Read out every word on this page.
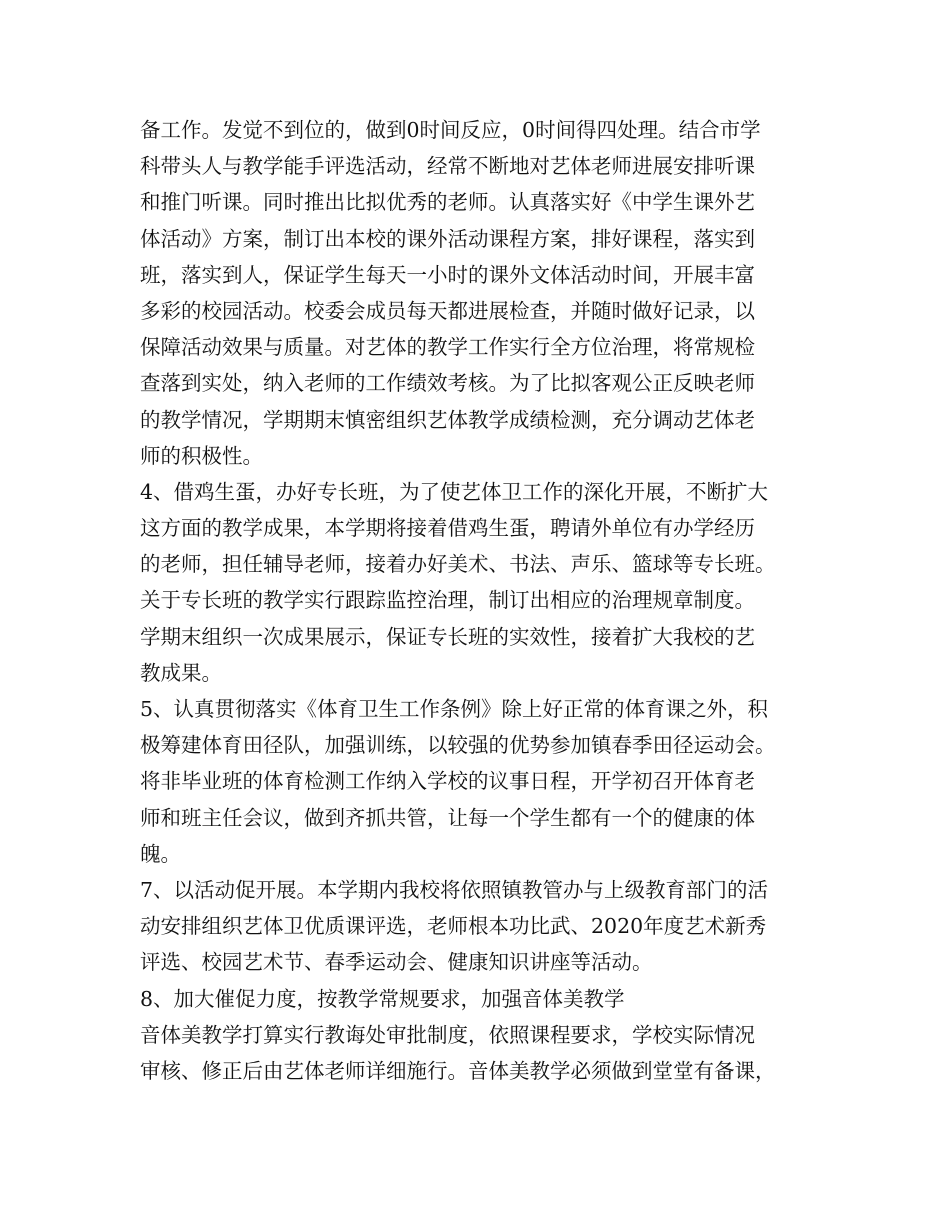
备工作。发觉不到位的，做到0时间反应，0时间得四处理。结合市学
科带头人与教学能手评选活动，经常不断地对艺体老师进展安排听课
和推门听课。同时推出比拟优秀的老师。认真落实好《中学生课外艺
体活动》方案，制订出本校的课外活动课程方案，排好课程，落实到
班，落实到人，保证学生每天一小时的课外文体活动时间，开展丰富
多彩的校园活动。校委会成员每天都进展检查，并随时做好记录，以
保障活动效果与质量。对艺体的教学工作实行全方位治理，将常规检
查落到实处，纳入老师的工作绩效考核。为了比拟客观公正反映老师
的教学情况，学期期末慎密组织艺体教学成绩检测，充分调动艺体老
师的积极性。
4、借鸡生蛋，办好专长班，为了使艺体卫工作的深化开展，不断扩大
这方面的教学成果，本学期将接着借鸡生蛋，聘请外单位有办学经历
的老师，担任辅导老师，接着办好美术、书法、声乐、篮球等专长班。
关于专长班的教学实行跟踪监控治理，制订出相应的治理规章制度。
学期末组织一次成果展示，保证专长班的实效性，接着扩大我校的艺
教成果。
5、认真贯彻落实《体育卫生工作条例》除上好正常的体育课之外，积
极筹建体育田径队，加强训练，以较强的优势参加镇春季田径运动会。
将非毕业班的体育检测工作纳入学校的议事日程，开学初召开体育老
师和班主任会议，做到齐抓共管，让每一个学生都有一个的健康的体
魄。
7、以活动促开展。本学期内我校将依照镇教管办与上级教育部门的活
动安排组织艺体卫优质课评选，老师根本功比武、2020年度艺术新秀
评选、校园艺术节、春季运动会、健康知识讲座等活动。
8、加大催促力度，按教学常规要求，加强音体美教学
音体美教学打算实行教诲处审批制度，依照课程要求，学校实际情况
审核、修正后由艺体老师详细施行。音体美教学必须做到堂堂有备课，
